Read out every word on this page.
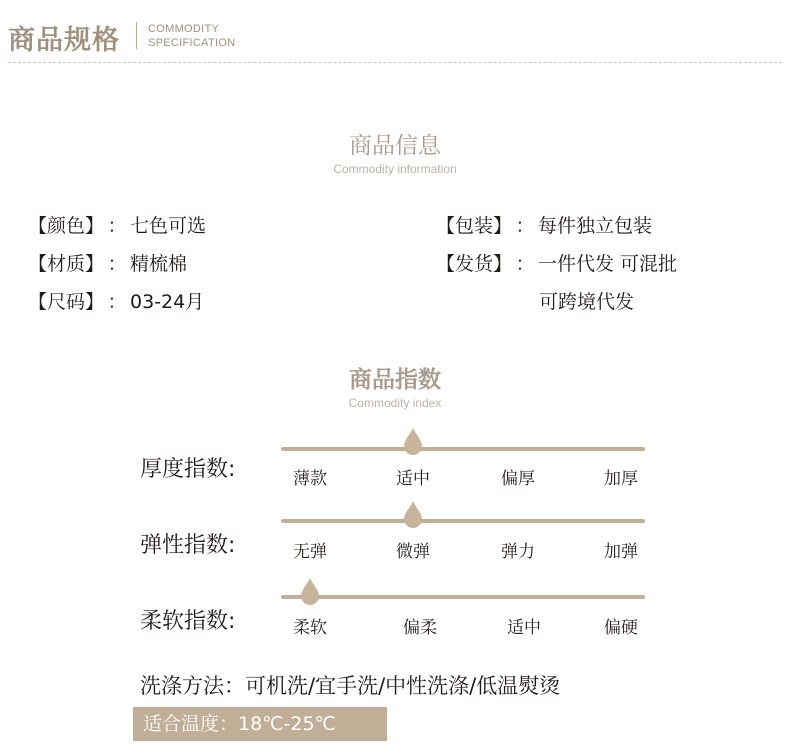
商品规格	COMMODITY
SPECIFICATION
商品信息
Commodity information
【颜色】 ： 七色可选
【材质】 ： 精梳棉
【尺码】 ： 03-24月
【包装】 ： 每件独立包装
【发货】 ： 一件代发 可混批
可跨境代发
商品指数
Commodity index
厚度指数:	薄款	适中	偏厚	加厚
弹性指数:	无弹	微弹	弹力	加弹
柔软指数:	柔软	偏柔	适中	偏硬
洗涤方法：可机洗/宜手洗/中性洗涤/低温熨烫
适合温度：18℃-25℃
